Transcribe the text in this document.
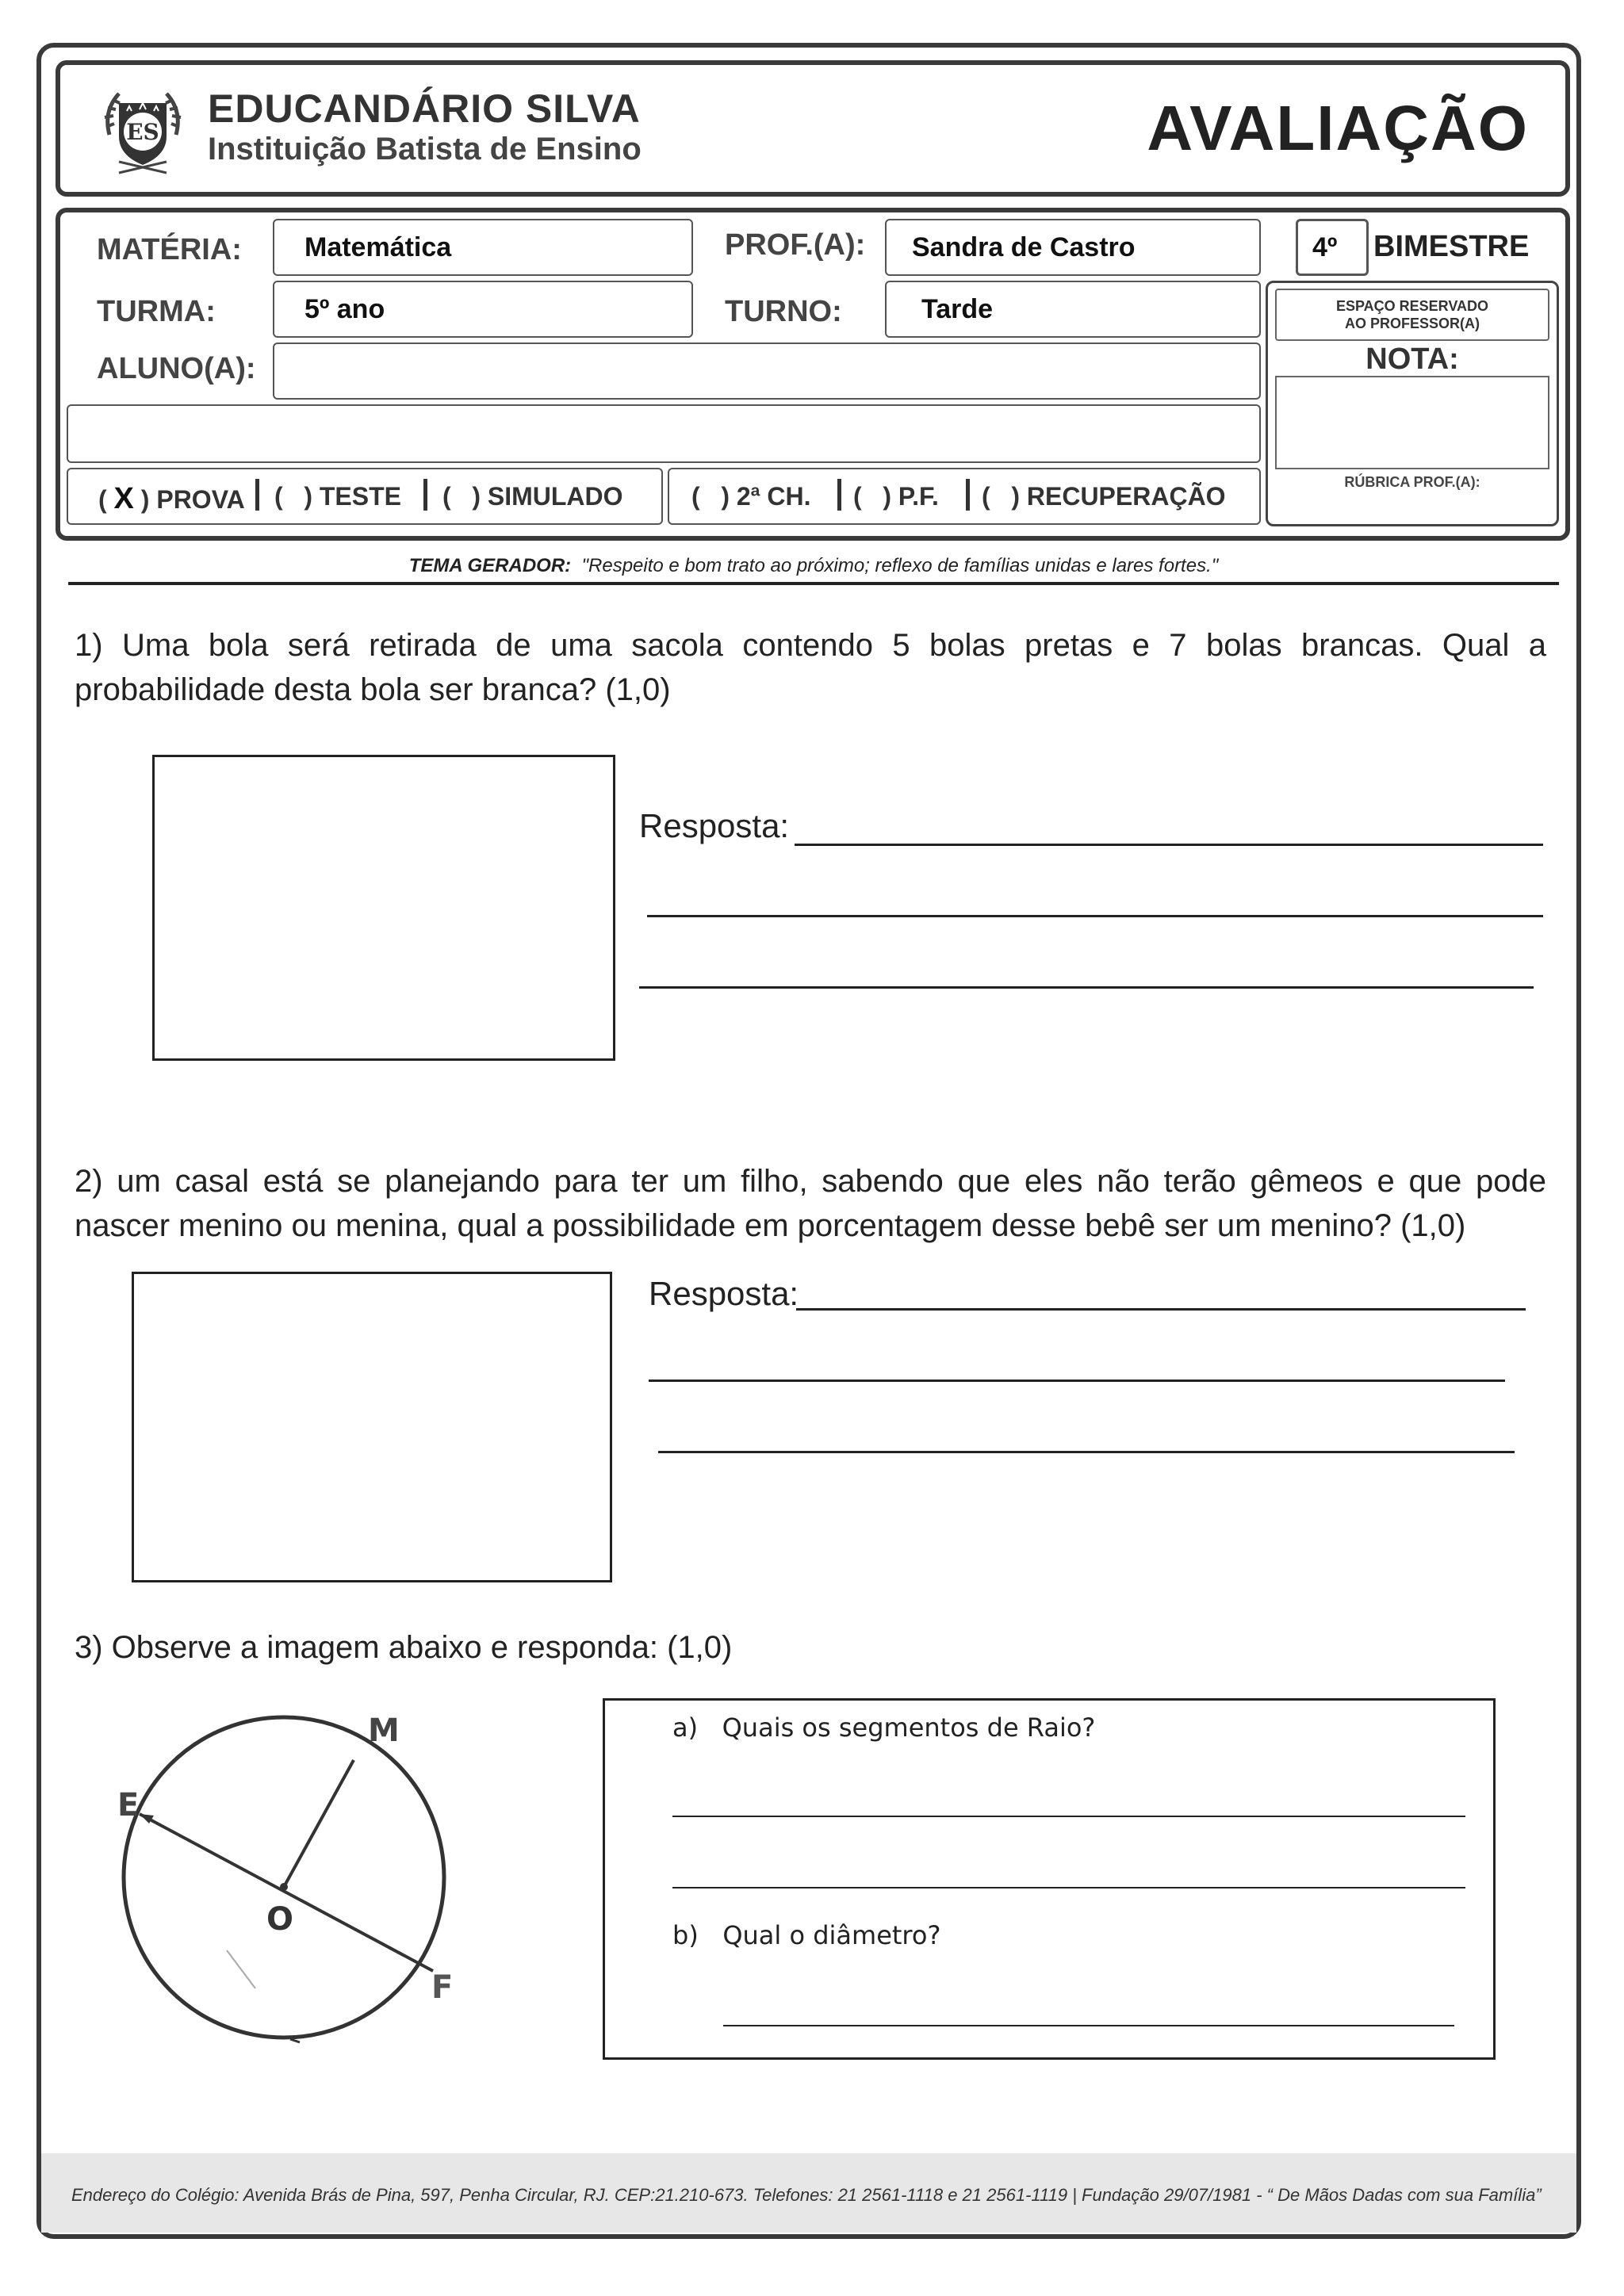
ES
EDUCANDÁRIO SILVA
Instituição Batista de Ensino	AVALIAÇÃO
MATÉRIA:	Matemática	PROF.(A):	Sandra de Castro	4º	BIMESTRE
TURMA:	5º ano	TURNO:	Tarde
ALUNO(A):
( X ) PROVA (   ) TESTE (   ) SIMULADO	(   ) 2ª CH. (   ) P.F. (   ) RECUPERAÇÃO
ESPAÇO RESERVADO
AO PROFESSOR(A)
NOTA:
RÚBRICA PROF.(A):
TEMA GERADOR: "Respeito e bom trato ao próximo; reflexo de famílias unidas e lares fortes."
1) Uma bola será retirada de uma sacola contendo 5 bolas pretas e 7 bolas brancas. Qual a probabilidade desta bola ser branca? (1,0)
Resposta:
2) um casal está se planejando para ter um filho, sabendo que eles não terão gêmeos e que pode nascer menino ou menina, qual a possibilidade em porcentagem desse bebê ser um menino? (1,0)
Resposta:
3) Observe a imagem abaixo e responda: (1,0)
M
E
O
F
a)   Quais os segmentos de Raio?
b)   Qual o diâmetro?
Endereço do Colégio: Avenida Brás de Pina, 597, Penha Circular, RJ. CEP:21.210-673. Telefones: 21 2561-1118 e 21 2561-1119 | Fundação 29/07/1981 - “ De Mãos Dadas com sua Família”
